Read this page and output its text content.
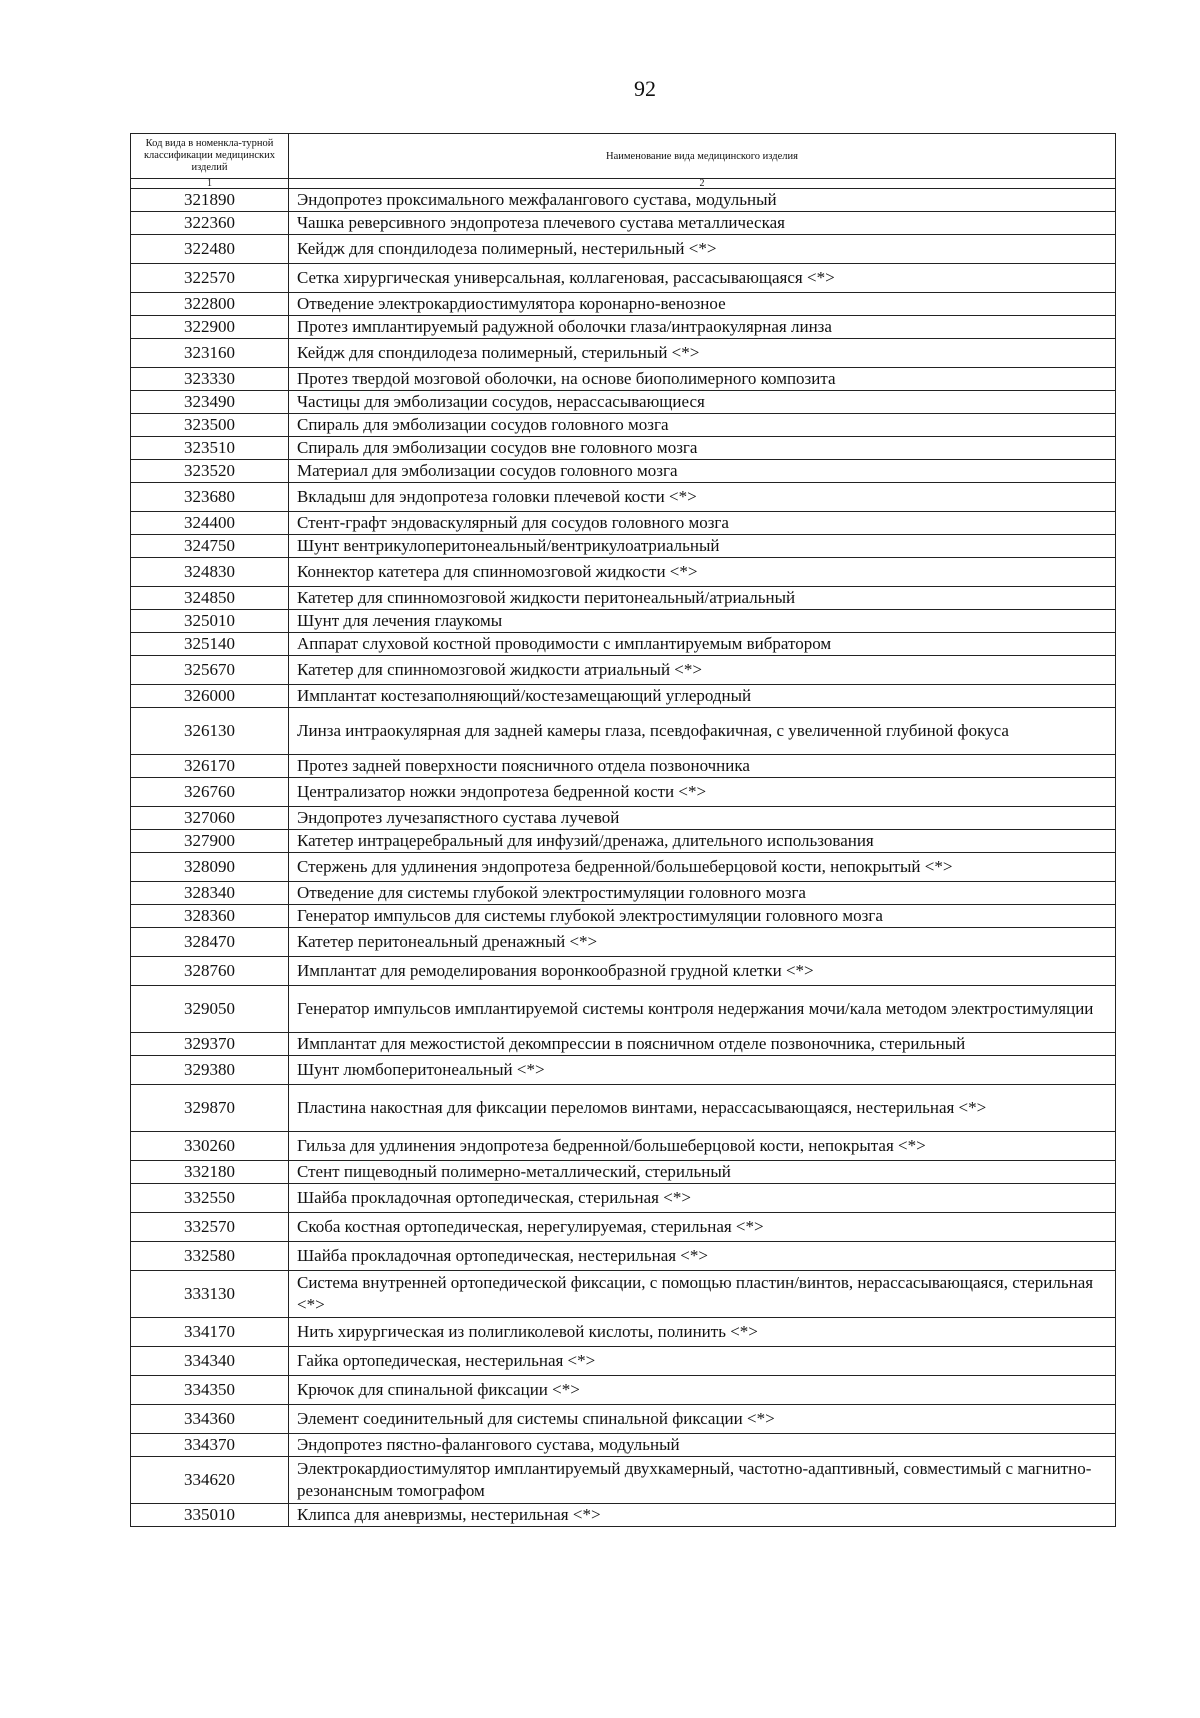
92
Код вида в номенкла-турной классификации медицинских изделий	Наименование вида медицинского изделия
1	2
321890	Эндопротез проксимального межфалангового сустава, модульный
322360	Чашка реверсивного эндопротеза плечевого сустава металлическая
322480	Кейдж для спондилодеза полимерный, нестерильный <*>
322570	Сетка хирургическая универсальная, коллагеновая, рассасывающаяся <*>
322800	Отведение электрокардиостимулятора коронарно-венозное
322900	Протез имплантируемый радужной оболочки глаза/интраокулярная линза
323160	Кейдж для спондилодеза полимерный, стерильный <*>
323330	Протез твердой мозговой оболочки, на основе биополимерного композита
323490	Частицы для эмболизации сосудов, нерассасывающиеся
323500	Спираль для эмболизации сосудов головного мозга
323510	Спираль для эмболизации сосудов вне головного мозга
323520	Материал для эмболизации сосудов головного мозга
323680	Вкладыш для эндопротеза головки плечевой кости <*>
324400	Стент-графт эндоваскулярный для сосудов головного мозга
324750	Шунт вентрикулоперитонеальный/вентрикулоатриальный
324830	Коннектор катетера для спинномозговой жидкости <*>
324850	Катетер для спинномозговой жидкости перитонеальный/атриальный
325010	Шунт для лечения глаукомы
325140	Аппарат слуховой костной проводимости с имплантируемым вибратором
325670	Катетер для спинномозговой жидкости атриальный <*>
326000	Имплантат костезаполняющий/костезамещающий углеродный
326130	Линза интраокулярная для задней камеры глаза, псевдофакичная, с увеличенной глубиной фокуса
326170	Протез задней поверхности поясничного отдела позвоночника
326760	Централизатор ножки эндопротеза бедренной кости <*>
327060	Эндопротез лучезапястного сустава лучевой
327900	Катетер интрацеребральный для инфузий/дренажа, длительного использования
328090	Стержень для удлинения эндопротеза бедренной/большеберцовой кости, непокрытый <*>
328340	Отведение для системы глубокой электростимуляции головного мозга
328360	Генератор импульсов для системы глубокой электростимуляции головного мозга
328470	Катетер перитонеальный дренажный <*>
328760	Имплантат для ремоделирования воронкообразной грудной клетки <*>
329050	Генератор импульсов имплантируемой системы контроля недержания мочи/кала методом электростимуляции
329370	Имплантат для межостистой декомпрессии в поясничном отделе позвоночника, стерильный
329380	Шунт люмбоперитонеальный <*>
329870	Пластина накостная для фиксации переломов винтами, нерассасывающаяся, нестерильная <*>
330260	Гильза для удлинения эндопротеза бедренной/большеберцовой кости, непокрытая <*>
332180	Стент пищеводный полимерно-металлический, стерильный
332550	Шайба прокладочная ортопедическая, стерильная <*>
332570	Скоба костная ортопедическая, нерегулируемая, стерильная <*>
332580	Шайба прокладочная ортопедическая, нестерильная <*>
333130	Система внутренней ортопедической фиксации, с помощью пластин/винтов, нерассасывающаяся, стерильная <*>
334170	Нить хирургическая из полигликолевой кислоты, полинить <*>
334340	Гайка ортопедическая, нестерильная <*>
334350	Крючок для спинальной фиксации <*>
334360	Элемент соединительный для системы спинальной фиксации <*>
334370	Эндопротез пястно-фалангового сустава, модульный
334620	Электрокардиостимулятор имплантируемый двухкамерный, частотно-адаптивный, совместимый с магнитно-резонансным томографом
335010	Клипса для аневризмы, нестерильная <*>
